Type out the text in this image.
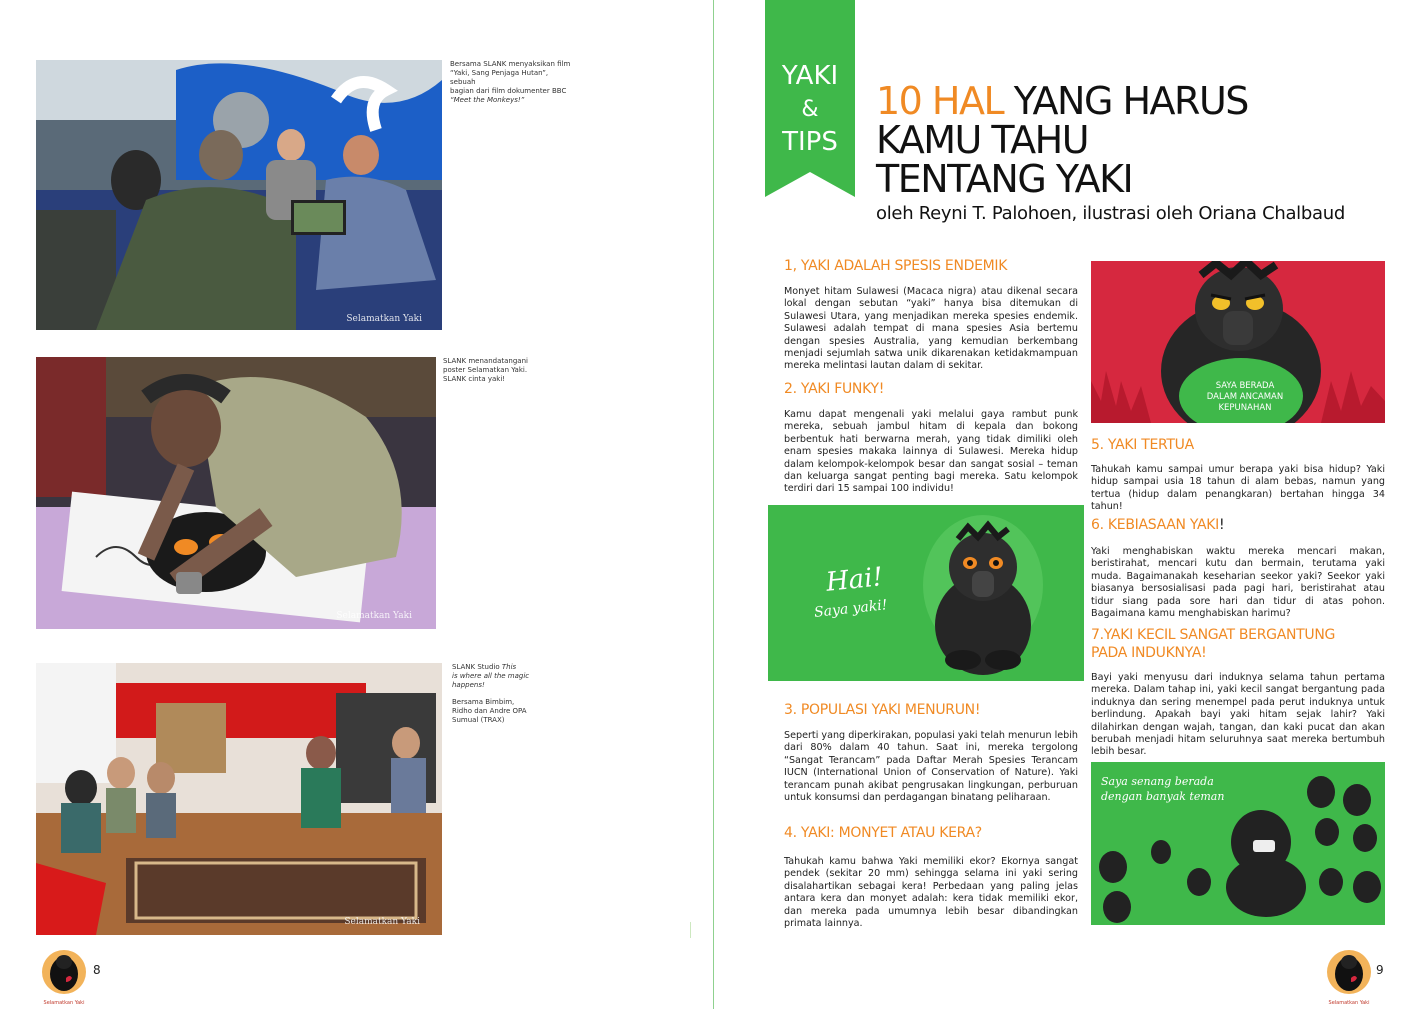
Selamatkan Yaki
Bersama SLANK menyaksikan film
“Yaki, Sang Penjaga Hutan”, sebuah
bagian dari film dokumenter BBC
“Meet the Monkeys!”
Selamatkan Yaki
SLANK menandatangani
poster Selamatkan Yaki.
SLANK cinta yaki!
Selamatkan Yaki
SLANK Studio This
is where all the magic
happens!
Bersama Bimbim,
Ridho dan Andre OPA
Sumual (TRAX)
Selamatkan Yaki
8
YAKI
&
TIPS
10 HAL YANG HARUS
KAMU TAHU
TENTANG YAKI
oleh Reyni T. Palohoen, ilustrasi oleh Oriana Chalbaud
1, YAKI ADALAH SPESIS ENDEMIK
Monyet hitam Sulawesi (Macaca nigra) atau dikenal secara lokal dengan sebutan “yaki” hanya bisa ditemukan di Sulawesi Utara, yang menjadikan mereka spesies endemik. Sulawesi adalah tempat di mana spesies Asia bertemu dengan spesies Australia, yang kemudian berkembang menjadi sejumlah satwa unik dikarenakan ketidakmampuan mereka melintasi lautan dalam di sekitar.
2. YAKI FUNKY!
Kamu dapat mengenali yaki melalui gaya rambut punk mereka, sebuah jambul hitam di kepala dan bokong berbentuk hati berwarna merah, yang tidak dimiliki oleh enam spesies makaka lainnya di Sulawesi. Mereka hidup dalam kelompok-kelompok besar dan sangat sosial – teman dan keluarga sangat penting bagi mereka. Satu kelompok terdiri dari 15 sampai 100 individu!
Hai!
Saya yaki!
3. POPULASI YAKI MENURUN!
Seperti yang diperkirakan, populasi yaki telah menurun lebih dari 80% dalam 40 tahun. Saat ini, mereka tergolong “Sangat Terancam” pada Daftar Merah Spesies Terancam IUCN (International Union of Conservation of Nature). Yaki terancam punah akibat pengrusakan lingkungan, perburuan untuk konsumsi dan perdagangan binatang peliharaan.
4. YAKI: MONYET ATAU KERA?
Tahukah kamu bahwa Yaki memiliki ekor? Ekornya sangat pendek (sekitar 20 mm) sehingga selama ini yaki sering disalahartikan sebagai kera! Perbedaan yang paling jelas antara kera dan monyet adalah: kera tidak memiliki ekor, dan mereka pada umumnya lebih besar dibandingkan primata lainnya.
SAYA BERADA
DALAM ANCAMAN
KEPUNAHAN
5. YAKI TERTUA
Tahukah kamu sampai umur berapa yaki bisa hidup? Yaki hidup sampai usia 18 tahun di alam bebas, namun yang tertua (hidup dalam penangkaran) bertahan hingga 34 tahun!
6. KEBIASAAN YAKI!
Yaki menghabiskan waktu mereka mencari makan, beristirahat, mencari kutu dan bermain, terutama yaki muda. Bagaimanakah keseharian seekor yaki? Seekor yaki biasanya bersosialisasi pada pagi hari, beristirahat atau tidur siang pada sore hari dan tidur di atas pohon. Bagaimana kamu menghabiskan harimu?
7.YAKI KECIL SANGAT BERGANTUNG
PADA INDUKNYA!
Bayi yaki menyusu dari induknya selama tahun pertama mereka. Dalam tahap ini, yaki kecil sangat bergantung pada induknya dan sering menempel pada perut induknya untuk berlindung. Apakah bayi yaki hitam sejak lahir? Yaki dilahirkan dengan wajah, tangan, dan kaki pucat dan akan berubah menjadi hitam seluruhnya saat mereka bertumbuh lebih besar.
Saya senang berada
dengan banyak teman
9
Selamatkan Yaki
